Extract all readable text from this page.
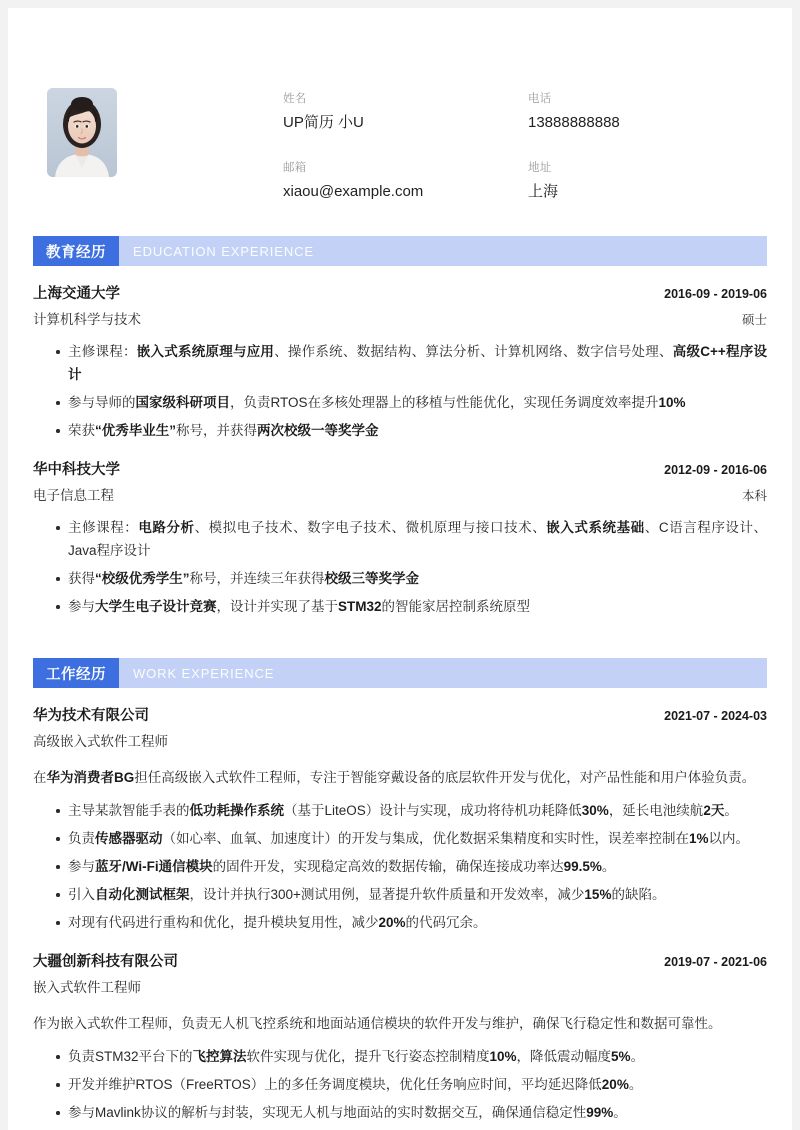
姓名
UP简历 小U
电话
13888888888
邮箱
xiaou@example.com
地址
上海
教育经历	EDUCATION EXPERIENCE
上海交通大学	2016-09 - 2019-06
计算机科学与技术	硕士
主修课程：嵌入式系统原理与应用、操作系统、数据结构、算法分析、计算机网络、数字信号处理、高级C++程序设计
参与导师的国家级科研项目，负责RTOS在多核处理器上的移植与性能优化，实现任务调度效率提升10%
荣获“优秀毕业生”称号，并获得两次校级一等奖学金
华中科技大学	2012-09 - 2016-06
电子信息工程	本科
主修课程：电路分析、模拟电子技术、数字电子技术、微机原理与接口技术、嵌入式系统基础、C语言程序设计、Java程序设计
获得“校级优秀学生”称号，并连续三年获得校级三等奖学金
参与大学生电子设计竞赛，设计并实现了基于STM32的智能家居控制系统原型
工作经历	WORK EXPERIENCE
华为技术有限公司	2021-07 - 2024-03
高级嵌入式软件工程师
在华为消费者BG担任高级嵌入式软件工程师，专注于智能穿戴设备的底层软件开发与优化，对产品性能和用户体验负责。
主导某款智能手表的低功耗操作系统（基于LiteOS）设计与实现，成功将待机功耗降低30%，延长电池续航2天。
负责传感器驱动（如心率、血氧、加速度计）的开发与集成，优化数据采集精度和实时性，误差率控制在1%以内。
参与蓝牙/Wi-Fi通信模块的固件开发，实现稳定高效的数据传输，确保连接成功率达99.5%。
引入自动化测试框架，设计并执行300+测试用例，显著提升软件质量和开发效率，减少15%的缺陷。
对现有代码进行重构和优化，提升模块复用性，减少20%的代码冗余。
大疆创新科技有限公司	2019-07 - 2021-06
嵌入式软件工程师
作为嵌入式软件工程师，负责无人机飞控系统和地面站通信模块的软件开发与维护，确保飞行稳定性和数据可靠性。
负责STM32平台下的飞控算法软件实现与优化，提升飞行姿态控制精度10%，降低震动幅度5%。
开发并维护RTOS（FreeRTOS）上的多任务调度模块，优化任务响应时间，平均延迟降低20%。
参与Mavlink协议的解析与封装，实现无人机与地面站的实时数据交互，确保通信稳定性99%。
